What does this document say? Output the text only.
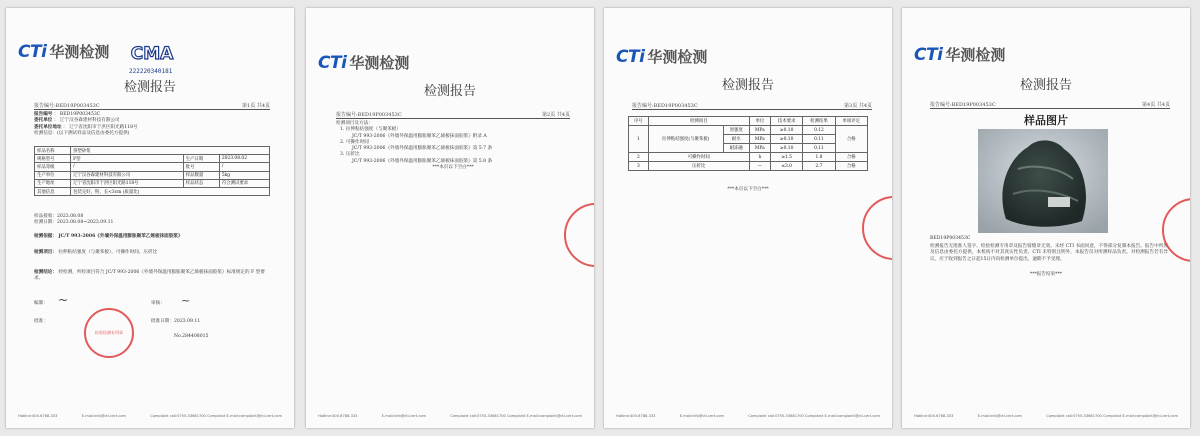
CTi 华测检测 CMA
222220340181
检测报告
报告编号:BED19P003453C	第1页 共4页
报告编号 ： BED19P003453C
委托单位 ： 辽宁汉谷森建材科技有限公司
委托单位地址 ： 辽宁省沈阳市于洪区阳光路118号
检测信息：(以下测试样品及信息由委托方提供)
样品名称	挤塑砂浆		
规格型号	F型	生产日期	2023.08.02
样品等级	/	批号	/
生产单位	辽宁汉谷森建材科技有限公司	样品数量	5kg
生产地址	辽宁省沈阳市于洪区阳光路118号	样品状态	符合测试要求
其他信息	包装完好，粉，长<3cm (质量比)		
样品接收：2023.08.08
检测日期：2023.08.08~2023.09.11
检测依据： JC/T 993-2006《外墙外保温用膨胀聚苯乙烯板抹面胶浆》
检测项目： 拉伸粘结强度（与聚苯板）、可操作时间、压折比
检测结论： 经检测，所检项目符合 JC/T 993-2006《外墙外保温用膨胀聚苯乙烯板抹面胶浆》标准规定的 F 型要求。
编制： ~	审核： ~
批准：	批准日期：2023.09.11
No.284408015
检验检测专用章
Hotline:400-6788-333	E-mail:info@cti-cert.com	Complaint call:0755-33681700 Complaint E-mail:complaint@cti-cert.com
CTi 华测检测
检测报告
报告编号:BED19P003453C	第2页 共4页
检测项目及方法：
1. 拉伸粘结强度（与聚苯板）
JC/T 993-2006《外墙外保温用膨胀聚苯乙烯板抹面胶浆》附录 A
2. 可操作时间
JC/T 993-2006《外墙外保温用膨胀聚苯乙烯板抹面胶浆》第 5.7 条
3. 压折比
JC/T 993-2006《外墙外保温用膨胀聚苯乙烯板抹面胶浆》第 5.8 条
***本页以下空白***
Hotline:400-6788-333	E-mail:info@cti-cert.com	Complaint call:0755-33681700 Complaint E-mail:complaint@cti-cert.com
CTi 华测检测
检测报告
报告编号:BED19P003453C	第3页 共4页
序号	检测项目		单位	技术要求	检测结果	单项评定
1	拉伸粘结强度(与聚苯板)	原强度	MPa	≥0.10	0.12	合格
		耐水	MPa	≥0.10	0.11	
		耐冻融	MPa	≥0.10	0.11	
2	可操作时间		h	≥1.5	1.8	合格
3	压折比		—	≤3.0	2.7	合格
***本页以下空白***
Hotline:400-6788-333	E-mail:info@cti-cert.com	Complaint call:0755-33681700 Complaint E-mail:complaint@cti-cert.com
CTi 华测检测
检测报告
报告编号:BED19P003453C	第4页 共4页
样品图片
BED19P003453C
检测报告无批准人签字、检验检测专用章及报告骑缝章无效。未经 CTI 书面同意，不得部分复制本报告。报告中所涉及信息由委托方提供，本机构不对其真实性负责。CTI 未特别注明外，本报告仅对所测样品负责。对检测报告若有异议，应于收到报告之日起15日内向检测单位提出，逾期不予受理。
***报告结束***
Hotline:400-6788-333	E-mail:info@cti-cert.com	Complaint call:0755-33681700 Complaint E-mail:complaint@cti-cert.com
